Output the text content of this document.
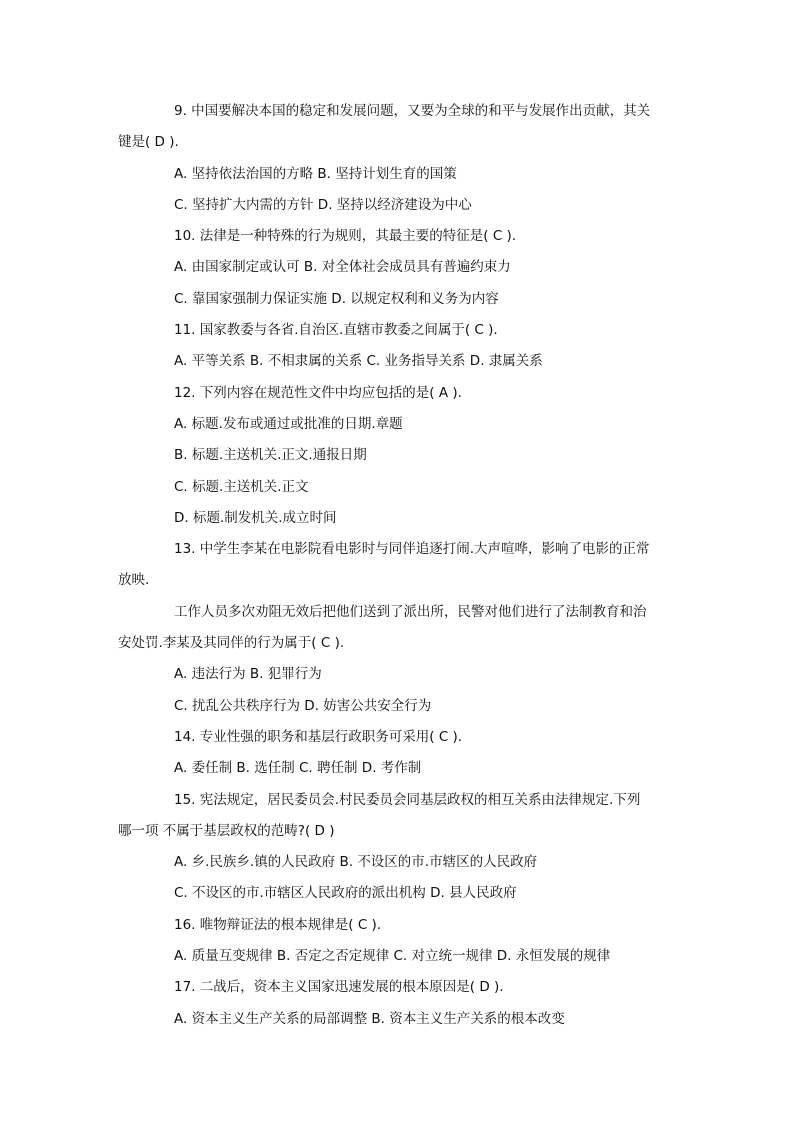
9. 中国要解决本国的稳定和发展问题，又要为全球的和平与发展作出贡献，其关
键是( D ).
A. 坚持依法治国的方略 B. 坚持计划生育的国策
C. 坚持扩大内需的方针 D. 坚持以经济建设为中心
10. 法律是一种特殊的行为规则，其最主要的特征是( C ).
A. 由国家制定或认可 B. 对全体社会成员具有普遍约束力
C. 靠国家强制力保证实施 D. 以规定权利和义务为内容
11. 国家教委与各省.自治区.直辖市教委之间属于( C ).
A. 平等关系 B. 不相隶属的关系 C. 业务指导关系 D. 隶属关系
12. 下列内容在规范性文件中均应包括的是( A ).
A. 标题.发布或通过或批准的日期.章题
B. 标题.主送机关.正文.通报日期
C. 标题.主送机关.正文
D. 标题.制发机关.成立时间
13. 中学生李某在电影院看电影时与同伴追逐打闹.大声喧哗，影响了电影的正常
放映.
工作人员多次劝阻无效后把他们送到了派出所，民警对他们进行了法制教育和治
安处罚.李某及其同伴的行为属于( C ).
A. 违法行为 B. 犯罪行为
C. 扰乱公共秩序行为 D. 妨害公共安全行为
14. 专业性强的职务和基层行政职务可采用( C ).
A. 委任制 B. 选任制 C. 聘任制 D. 考作制
15. 宪法规定，居民委员会.村民委员会同基层政权的相互关系由法律规定.下列
哪一项 不属于基层政权的范畴?( D )
A. 乡.民族乡.镇的人民政府 B. 不设区的市.市辖区的人民政府
C. 不设区的市.市辖区人民政府的派出机构 D. 县人民政府
16. 唯物辩证法的根本规律是( C ).
A. 质量互变规律 B. 否定之否定规律 C. 对立统一规律 D. 永恒发展的规律
17. 二战后，资本主义国家迅速发展的根本原因是( D ).
A. 资本主义生产关系的局部调整 B. 资本主义生产关系的根本改变
